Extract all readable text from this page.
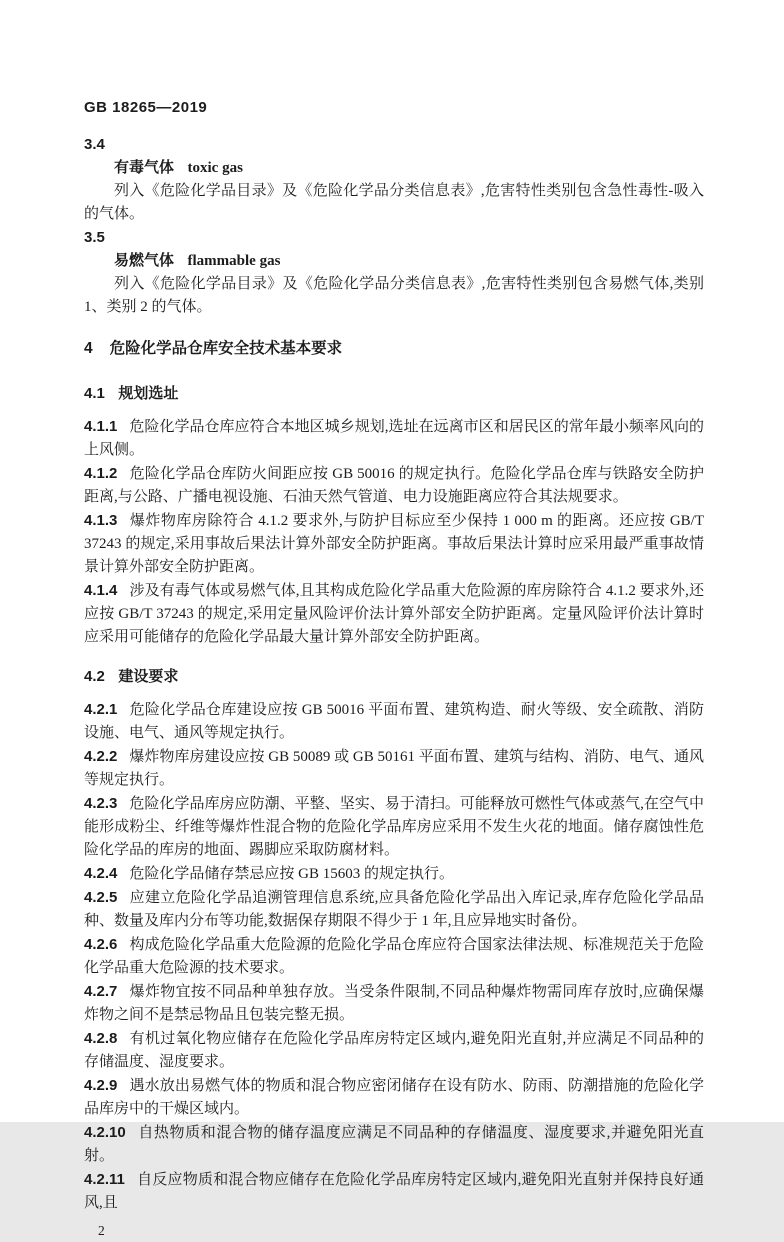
GB 18265—2019

3.4

有毒气体 toxic gas

列入《危险化学品目录》及《危险化学品分类信息表》,危害特性类别包含急性毒性-吸入的气体。

3.5

易燃气体 flammable gas

列入《危险化学品目录》及《危险化学品分类信息表》,危害特性类别包含易燃气体,类别 1、类别 2 的气体。

4 危险化学品仓库安全技术基本要求

4.1 规划选址

4.1.1 危险化学品仓库应符合本地区城乡规划,选址在远离市区和居民区的常年最小频率风向的上风侧。

4.1.2 危险化学品仓库防火间距应按 GB 50016 的规定执行。危险化学品仓库与铁路安全防护距离,与公路、广播电视设施、石油天然气管道、电力设施距离应符合其法规要求。

4.1.3 爆炸物库房除符合 4.1.2 要求外,与防护目标应至少保持 1 000 m 的距离。还应按 GB/T 37243 的规定,采用事故后果法计算外部安全防护距离。事故后果法计算时应采用最严重事故情景计算外部安全防护距离。

4.1.4 涉及有毒气体或易燃气体,且其构成危险化学品重大危险源的库房除符合 4.1.2 要求外,还应按 GB/T 37243 的规定,采用定量风险评价法计算外部安全防护距离。定量风险评价法计算时应采用可能储存的危险化学品最大量计算外部安全防护距离。

4.2 建设要求

4.2.1 危险化学品仓库建设应按 GB 50016 平面布置、建筑构造、耐火等级、安全疏散、消防设施、电气、通风等规定执行。

4.2.2 爆炸物库房建设应按 GB 50089 或 GB 50161 平面布置、建筑与结构、消防、电气、通风等规定执行。

4.2.3 危险化学品库房应防潮、平整、坚实、易于清扫。可能释放可燃性气体或蒸气,在空气中能形成粉尘、纤维等爆炸性混合物的危险化学品库房应采用不发生火花的地面。储存腐蚀性危险化学品的库房的地面、踢脚应采取防腐材料。

4.2.4 危险化学品储存禁忌应按 GB 15603 的规定执行。

4.2.5 应建立危险化学品追溯管理信息系统,应具备危险化学品出入库记录,库存危险化学品品种、数量及库内分布等功能,数据保存期限不得少于 1 年,且应异地实时备份。

4.2.6 构成危险化学品重大危险源的危险化学品仓库应符合国家法律法规、标准规范关于危险化学品重大危险源的技术要求。

4.2.7 爆炸物宜按不同品种单独存放。当受条件限制,不同品种爆炸物需同库存放时,应确保爆炸物之间不是禁忌物品且包装完整无损。

4.2.8 有机过氧化物应储存在危险化学品库房特定区域内,避免阳光直射,并应满足不同品种的存储温度、湿度要求。

4.2.9 遇水放出易燃气体的物质和混合物应密闭储存在设有防水、防雨、防潮措施的危险化学品库房中的干燥区域内。

4.2.10 自热物质和混合物的储存温度应满足不同品种的存储温度、湿度要求,并避免阳光直射。

4.2.11 自反应物质和混合物应储存在危险化学品库房特定区域内,避免阳光直射并保持良好通风,且

2
